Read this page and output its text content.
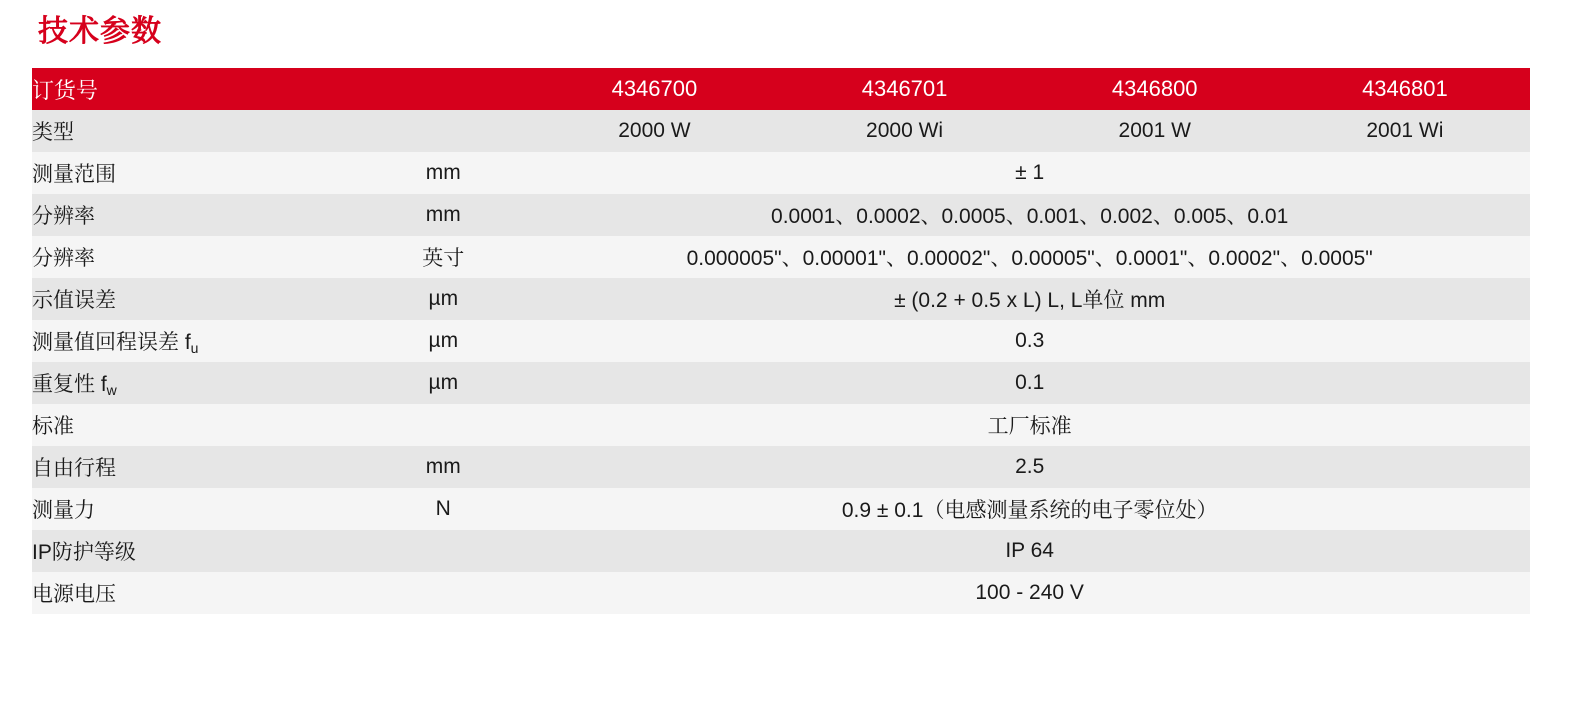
技术参数
订货号		4346700	4346701	4346800	4346801
类型		2000 W	2000 Wi	2001 W	2001 Wi
测量范围	mm	± 1			
分辨率	mm	0.0001、0.0002、0.0005、0.001、0.002、0.005、0.01			
分辨率	英寸	0.000005"、0.00001"、0.00002"、0.00005"、0.0001"、0.0002"、0.0005"			
示值误差	µm	± (0.2 + 0.5 x L) L, L单位 mm			
测量值回程误差 $f_u$	µm	0.3			
重复性 $f_w$	µm	0.1			
标准		工厂标准			
自由行程	mm	2.5			
测量力	N	0.9 ± 0.1（电感测量系统的电子零位处）			
IP防护等级		IP 64			
电源电压		100 - 240 V			
